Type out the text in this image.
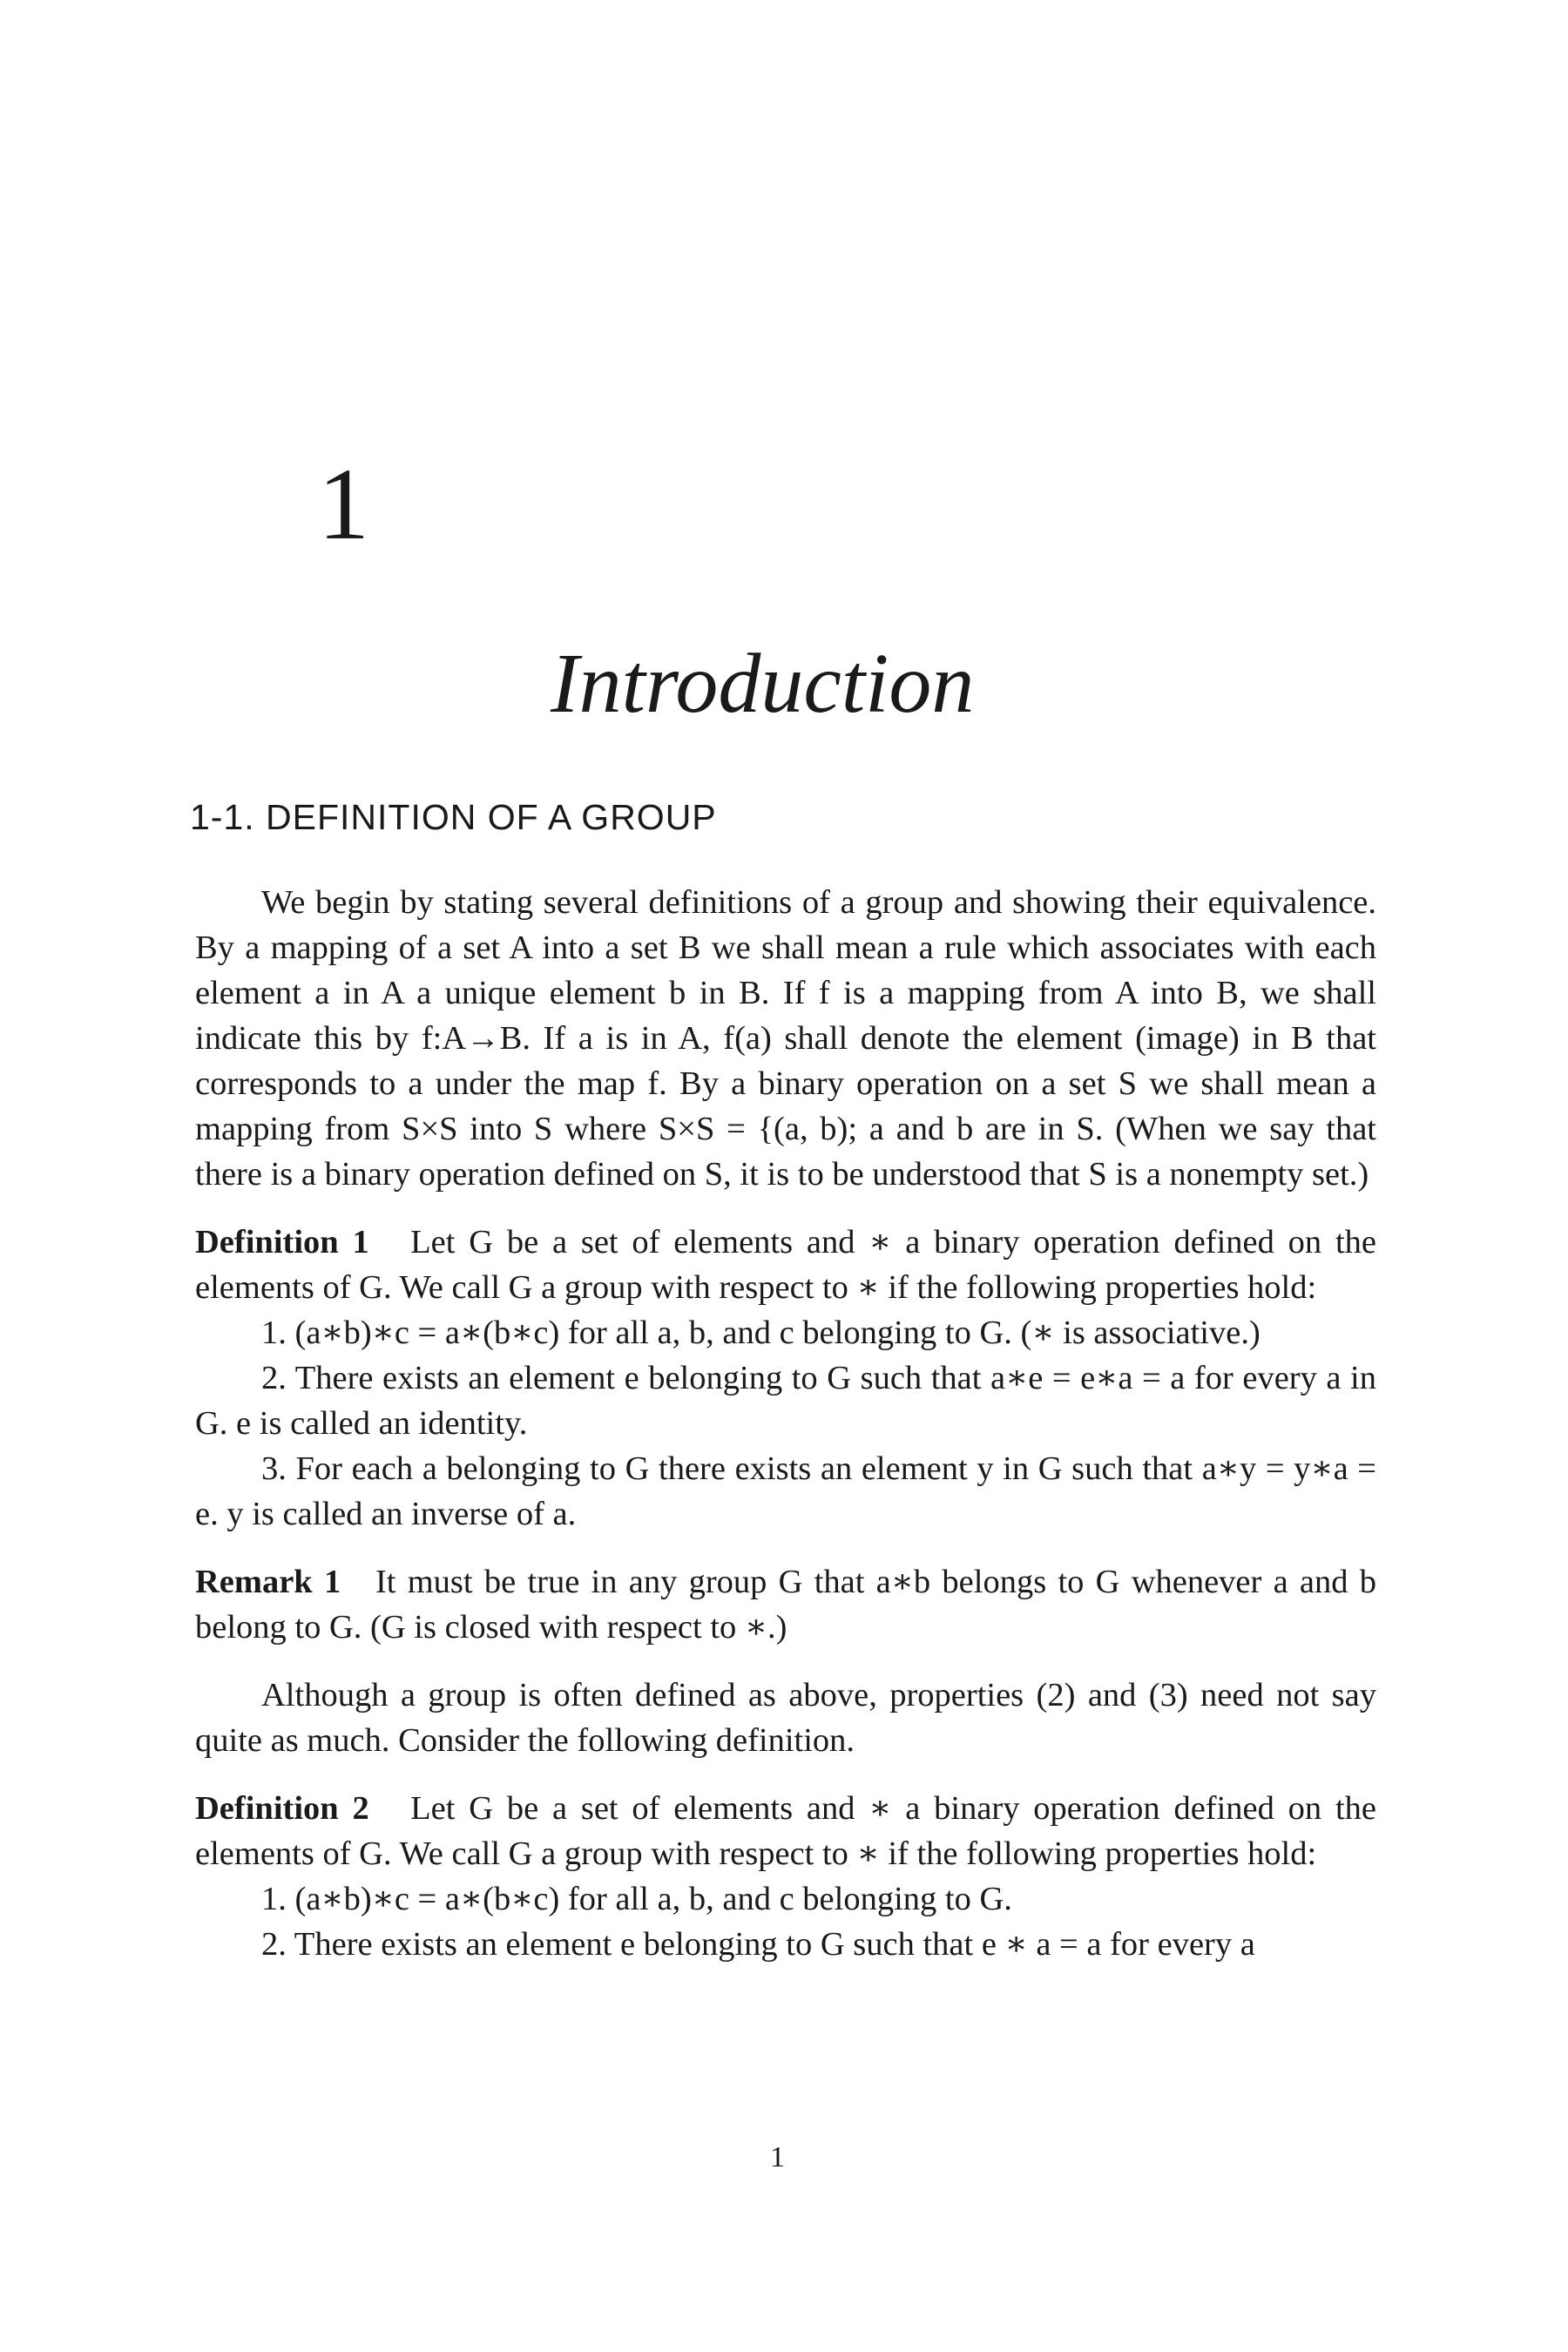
1
Introduction
1-1. DEFINITION OF A GROUP

We begin by stating several definitions of a group and showing their equivalence. By a mapping of a set A into a set B we shall mean a rule which associates with each element a in A a unique element b in B. If f is a mapping from A into B, we shall indicate this by f:A→B. If a is in A, f(a) shall denote the element (image) in B that corresponds to a under the map f. By a binary operation on a set S we shall mean a mapping from S×S into S where S×S = {(a, b); a and b are in S. (When we say that there is a binary operation defined on S, it is to be understood that S is a nonempty set.)

Definition 1 Let G be a set of elements and ∗ a binary operation defined on the elements of G. We call G a group with respect to ∗ if the following properties hold:

1. (a∗b)∗c = a∗(b∗c) for all a, b, and c belonging to G. (∗ is associative.)

2. There exists an element e belonging to G such that a∗e = e∗a = a for every a in G. e is called an identity.

3. For each a belonging to G there exists an element y in G such that a∗y = y∗a = e. y is called an inverse of a.

Remark 1 It must be true in any group G that a∗b belongs to G whenever a and b belong to G. (G is closed with respect to ∗.)

Although a group is often defined as above, properties (2) and (3) need not say quite as much. Consider the following definition.

Definition 2 Let G be a set of elements and ∗ a binary operation defined on the elements of G. We call G a group with respect to ∗ if the following properties hold:

1. (a∗b)∗c = a∗(b∗c) for all a, b, and c belonging to G.

2. There exists an element e belonging to G such that e ∗ a = a for every a

1
